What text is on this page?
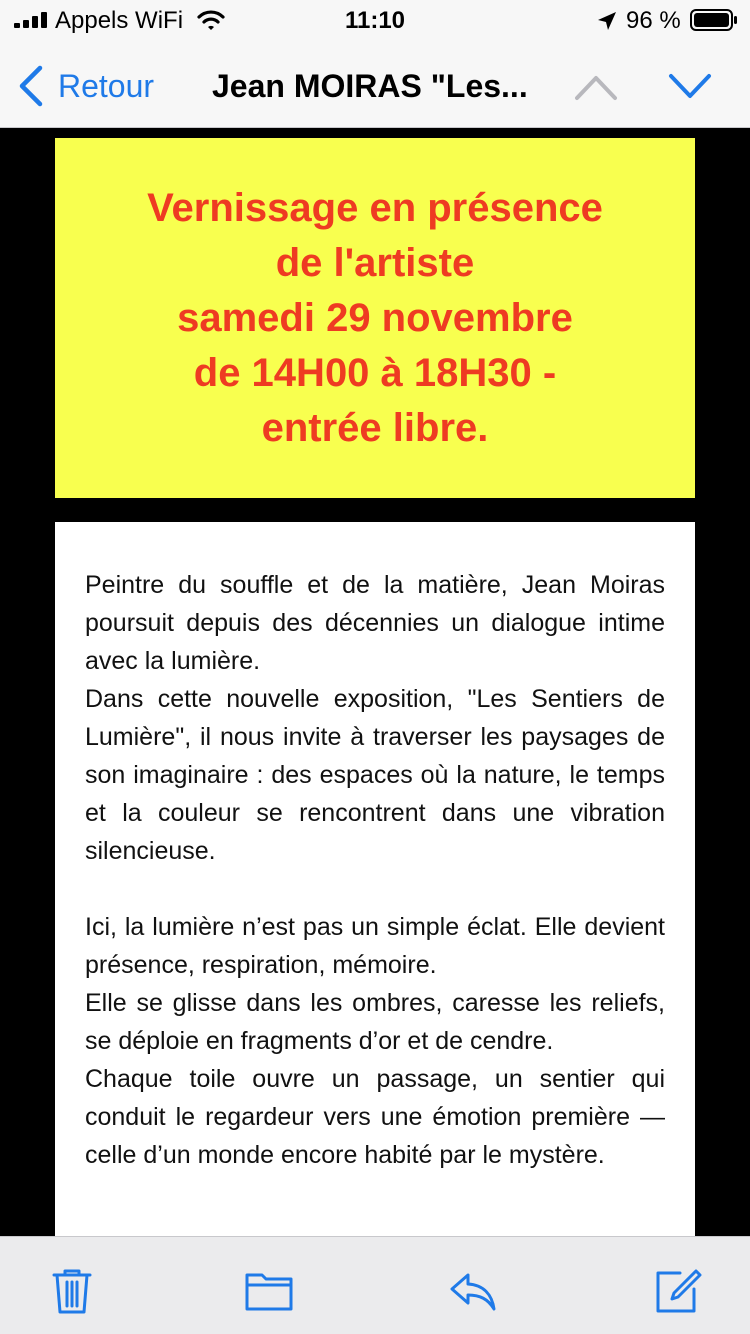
Appels WiFi	11:10	96 %
Retour Jean MOIRAS "Les...
Vernissage en présence
de l'artiste
samedi 29 novembre
de 14H00 à 18H30 -
entrée libre.

Peintre du souffle et de la matière, Jean Moiras poursuit depuis des décennies un dialogue intime avec la lumière.

Dans cette nouvelle exposition, "Les Sentiers de Lumière", il nous invite à traverser les paysages de son imaginaire : des espaces où la nature, le temps et la couleur se rencontrent dans une vibration silencieuse.

Ici, la lumière n’est pas un simple éclat. Elle devient présence, respiration, mémoire.

Elle se glisse dans les ombres, caresse les reliefs, se déploie en fragments d’or et de cendre.

Chaque toile ouvre un passage, un sentier qui conduit le regardeur vers une émotion première — celle d’un monde encore habité par le mystère.
